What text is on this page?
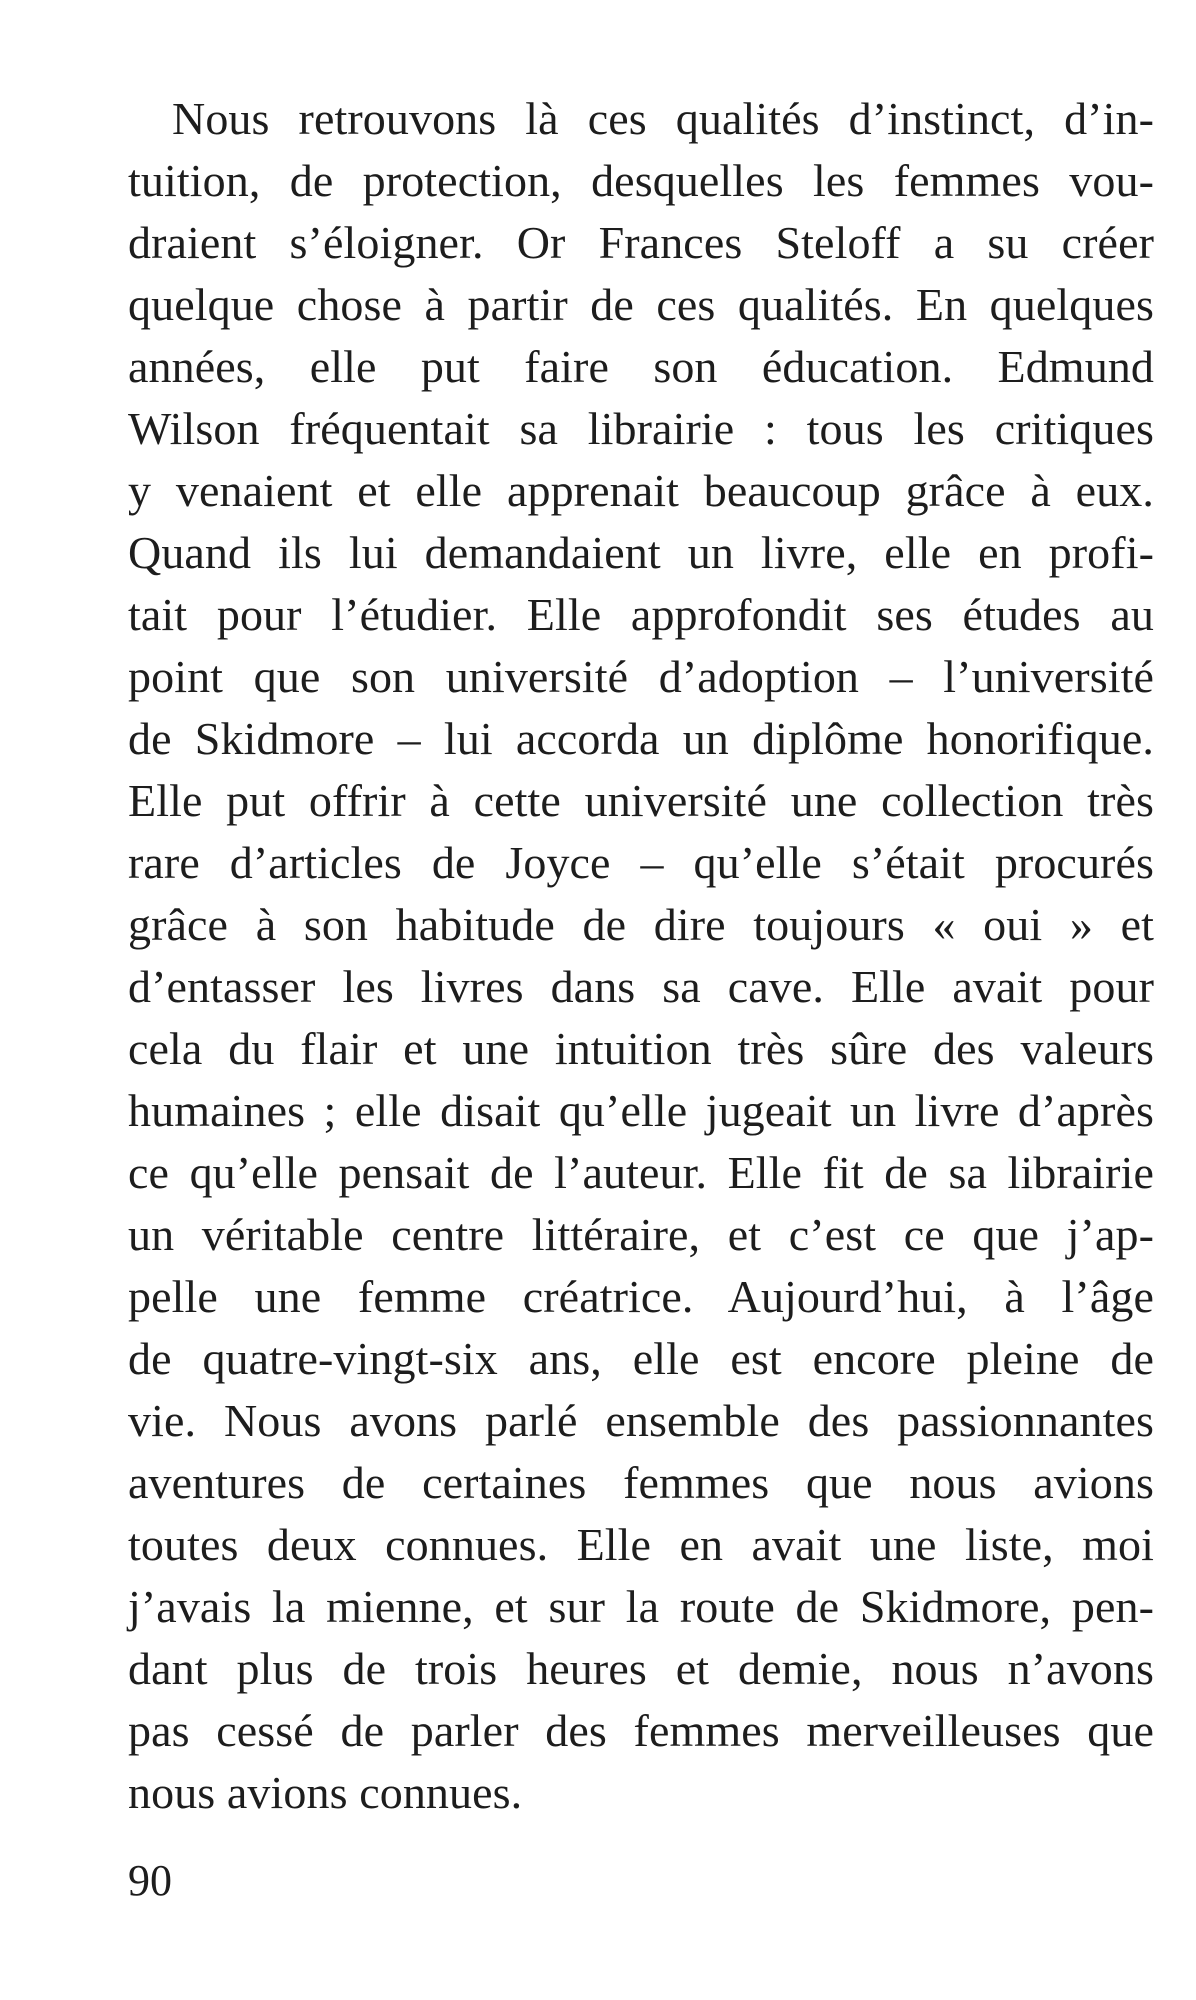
Nous retrouvons là ces qualités d’instinct, d’in-
tuition, de protection, desquelles les femmes vou-
draient s’éloigner. Or Frances Steloff a su créer
quelque chose à partir de ces qualités. En quelques
années, elle put faire son éducation. Edmund
Wilson fréquentait sa librairie : tous les critiques
y venaient et elle apprenait beaucoup grâce à eux.
Quand ils lui demandaient un livre, elle en profi-
tait pour l’étudier. Elle approfondit ses études au
point que son université d’adoption – l’université
de Skidmore – lui accorda un diplôme honorifique.
Elle put offrir à cette université une collection très
rare d’articles de Joyce – qu’elle s’était procurés
grâce à son habitude de dire toujours « oui » et
d’entasser les livres dans sa cave. Elle avait pour
cela du flair et une intuition très sûre des valeurs
humaines ; elle disait qu’elle jugeait un livre d’après
ce qu’elle pensait de l’auteur. Elle fit de sa librairie
un véritable centre littéraire, et c’est ce que j’ap-
pelle une femme créatrice. Aujourd’hui, à l’âge
de quatre-vingt-six ans, elle est encore pleine de
vie. Nous avons parlé ensemble des passionnantes
aventures de certaines femmes que nous avions
toutes deux connues. Elle en avait une liste, moi
j’avais la mienne, et sur la route de Skidmore, pen-
dant plus de trois heures et demie, nous n’avons
pas cessé de parler des femmes merveilleuses que
nous avions connues.
90
